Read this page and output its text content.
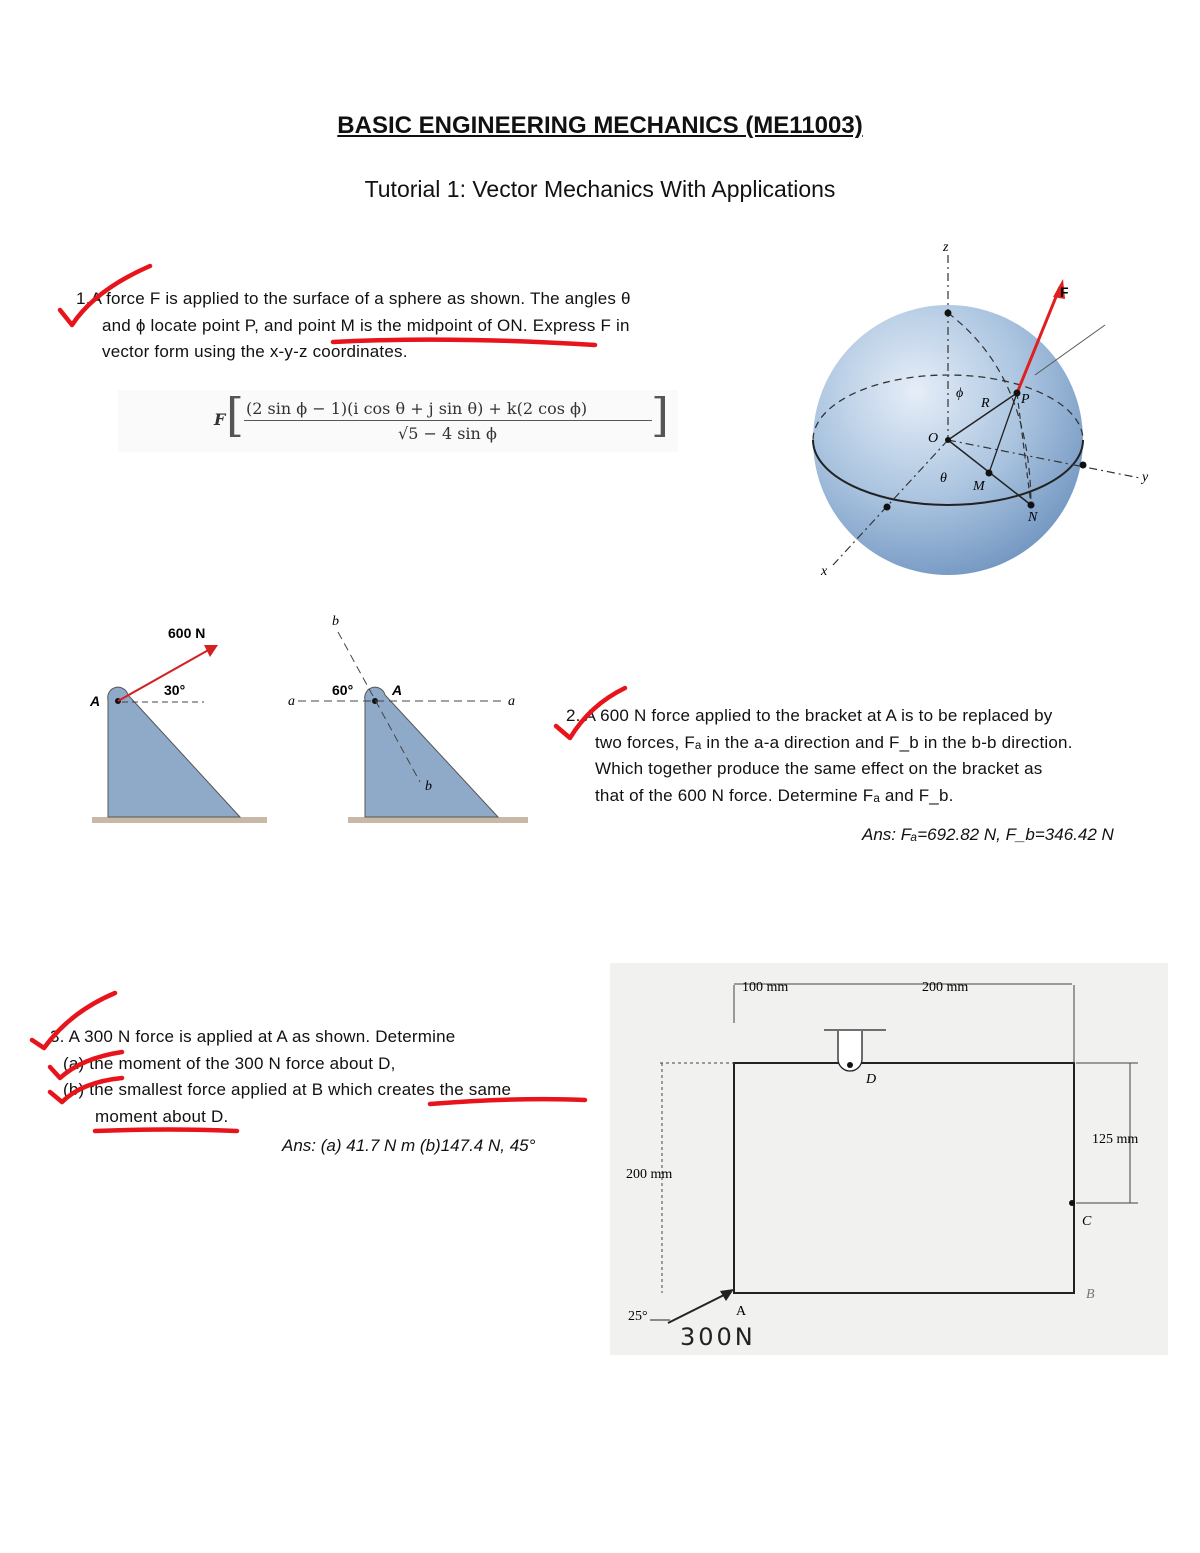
BASIC ENGINEERING MECHANICS (ME11003)
Tutorial 1: Vector Mechanics With Applications
1.A force F is applied to the surface of a sphere as shown. The angles θ
and ϕ locate point P, and point M is the midpoint of ON. Express F in
vector form using the x-y-z coordinates.
F [ (2 sin ϕ − 1)(i cos θ + j sin θ) + k(2 cos ϕ)
√5 − 4 sin ϕ	]
z
y
x
F
P
R
O
M
N
ϕ
θ
600 N
30°
A
b
a
60°	A
a
b
2. A 600 N force applied to the bracket at A is to be replaced by
two forces, Fₐ in the a-a direction and F_b in the b-b direction.
Which together produce the same effect on the bracket as
that of the 600 N force. Determine Fₐ and F_b.
Ans: Fₐ=692.82 N, F_b=346.42 N
3. A 300 N force is applied at A as shown. Determine
(a) the moment of the 300 N force about D,
(b) the smallest force applied at B which creates the same
moment about D.
Ans: (a) 41.7 N m (b)147.4 N, 45°
100 mm	200 mm
125 mm
200 mm
D
C
B
A
25°
300N
